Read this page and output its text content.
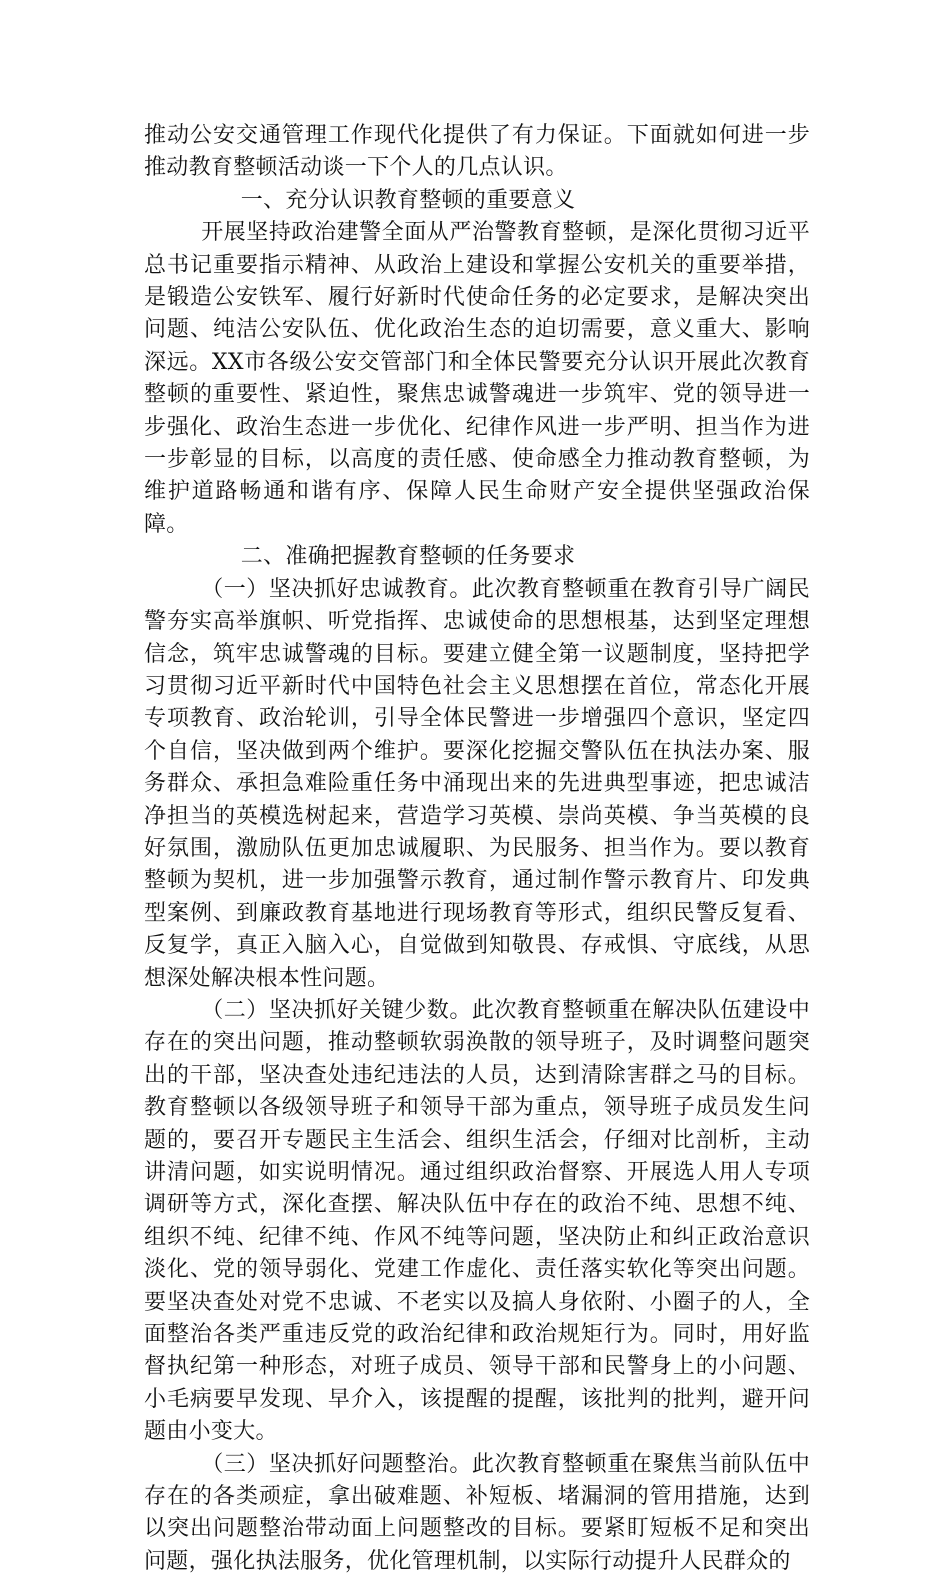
推动公安交通管理工作现代化提供了有力保证。下面就如何进一步推动教育整顿活动谈一下个人的几点认识。

一、充分认识教育整顿的重要意义

开展坚持政治建警全面从严治警教育整顿，是深化贯彻习近平总书记重要指示精神、从政治上建设和掌握公安机关的重要举措，是锻造公安铁军、履行好新时代使命任务的必定要求，是解决突出问题、纯洁公安队伍、优化政治生态的迫切需要，意义重大、影响深远。XX市各级公安交管部门和全体民警要充分认识开展此次教育整顿的重要性、紧迫性，聚焦忠诚警魂进一步筑牢、党的领导进一步强化、政治生态进一步优化、纪律作风进一步严明、担当作为进一步彰显的目标，以高度的责任感、使命感全力推动教育整顿，为维护道路畅通和谐有序、保障人民生命财产安全提供坚强政治保障。

二、准确把握教育整顿的任务要求

（一）坚决抓好忠诚教育。此次教育整顿重在教育引导广阔民警夯实高举旗帜、听党指挥、忠诚使命的思想根基，达到坚定理想信念，筑牢忠诚警魂的目标。要建立健全第一议题制度，坚持把学习贯彻习近平新时代中国特色社会主义思想摆在首位，常态化开展专项教育、政治轮训，引导全体民警进一步增强四个意识，坚定四个自信，坚决做到两个维护。要深化挖掘交警队伍在执法办案、服务群众、承担急难险重任务中涌现出来的先进典型事迹，把忠诚洁净担当的英模选树起来，营造学习英模、崇尚英模、争当英模的良好氛围，激励队伍更加忠诚履职、为民服务、担当作为。要以教育整顿为契机，进一步加强警示教育，通过制作警示教育片、印发典型案例、到廉政教育基地进行现场教育等形式，组织民警反复看、反复学，真正入脑入心，自觉做到知敬畏、存戒惧、守底线，从思想深处解决根本性问题。

（二）坚决抓好关键少数。此次教育整顿重在解决队伍建设中存在的突出问题，推动整顿软弱涣散的领导班子，及时调整问题突出的干部，坚决查处违纪违法的人员，达到清除害群之马的目标。教育整顿以各级领导班子和领导干部为重点，领导班子成员发生问题的，要召开专题民主生活会、组织生活会，仔细对比剖析，主动讲清问题，如实说明情况。通过组织政治督察、开展选人用人专项调研等方式，深化查摆、解决队伍中存在的政治不纯、思想不纯、组织不纯、纪律不纯、作风不纯等问题，坚决防止和纠正政治意识淡化、党的领导弱化、党建工作虚化、责任落实软化等突出问题。要坚决查处对党不忠诚、不老实以及搞人身依附、小圈子的人，全面整治各类严重违反党的政治纪律和政治规矩行为。同时，用好监督执纪第一种形态，对班子成员、领导干部和民警身上的小问题、小毛病要早发现、早介入，该提醒的提醒，该批判的批判，避开问题由小变大。

（三）坚决抓好问题整治。此次教育整顿重在聚焦当前队伍中存在的各类顽症，拿出破难题、补短板、堵漏洞的管用措施，达到以突出问题整治带动面上问题整改的目标。要紧盯短板不足和突出问题，强化执法服务，优化管理机制，以实际行动提升人民群众的
